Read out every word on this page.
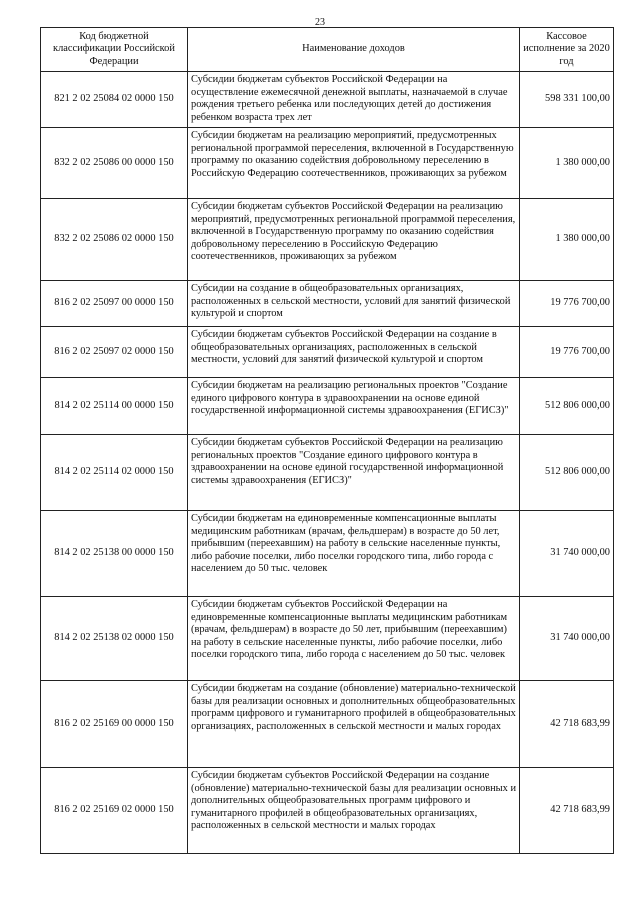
23
Код бюджетной классификации Российской Федерации	Наименование доходов	Кассовое исполнение за 2020 год
821 2 02 25084 02 0000 150	Субсидии бюджетам субъектов Российской Федерации на осуществление ежемесячной денежной выплаты, назначаемой в случае рождения третьего ребенка или последующих детей до достижения ребенком возраста трех лет	598 331 100,00
832 2 02 25086 00 0000 150	Субсидии бюджетам на реализацию мероприятий, предусмотренных региональной программой переселения, включенной в Государственную программу по оказанию содействия добровольному переселению в Российскую Федерацию соотечественников, проживающих за рубежом	1 380 000,00
832 2 02 25086 02 0000 150	Субсидии бюджетам субъектов Российской Федерации на реализацию мероприятий, предусмотренных региональной программой переселения, включенной в Государственную программу по оказанию содействия добровольному переселению в Российскую Федерацию соотечественников, проживающих за рубежом	1 380 000,00
816 2 02 25097 00 0000 150	Субсидии на создание в общеобразовательных организациях, расположенных в сельской местности, условий для занятий физической культурой и спортом	19 776 700,00
816 2 02 25097 02 0000 150	Субсидии бюджетам субъектов Российской Федерации на создание в общеобразовательных организациях, расположенных в сельской местности, условий для занятий физической культурой и спортом	19 776 700,00
814 2 02 25114 00 0000 150	Субсидии бюджетам на реализацию региональных проектов "Создание единого цифрового контура в здравоохранении на основе единой государственной информационной системы здравоохранения (ЕГИСЗ)"	512 806 000,00
814 2 02 25114 02 0000 150	Субсидии бюджетам субъектов Российской Федерации на реализацию региональных проектов "Создание единого цифрового контура в здравоохранении на основе единой государственной информационной системы здравоохранения (ЕГИСЗ)"	512 806 000,00
814 2 02 25138 00 0000 150	Субсидии бюджетам на единовременные компенсационные выплаты медицинским работникам (врачам, фельдшерам) в возрасте до 50 лет, прибывшим (переехавшим) на работу в сельские населенные пункты, либо рабочие поселки, либо поселки городского типа, либо города с населением до 50 тыс. человек	31 740 000,00
814 2 02 25138 02 0000 150	Субсидии бюджетам субъектов Российской Федерации на единовременные компенсационные выплаты медицинским работникам (врачам, фельдшерам) в возрасте до 50 лет, прибывшим (переехавшим) на работу в сельские населенные пункты, либо рабочие поселки, либо поселки городского типа, либо города с населением до 50 тыс. человек	31 740 000,00
816 2 02 25169 00 0000 150	Субсидии бюджетам на создание (обновление) материально-технической базы для реализации основных и дополнительных общеобразовательных программ цифрового и гуманитарного профилей в общеобразовательных организациях, расположенных в сельской местности и малых городах	42 718 683,99
816 2 02 25169 02 0000 150	Субсидии бюджетам субъектов Российской Федерации на создание (обновление) материально-технической базы для реализации основных и дополнительных общеобразовательных программ цифрового и гуманитарного профилей в общеобразовательных организациях, расположенных в сельской местности и малых городах	42 718 683,99
